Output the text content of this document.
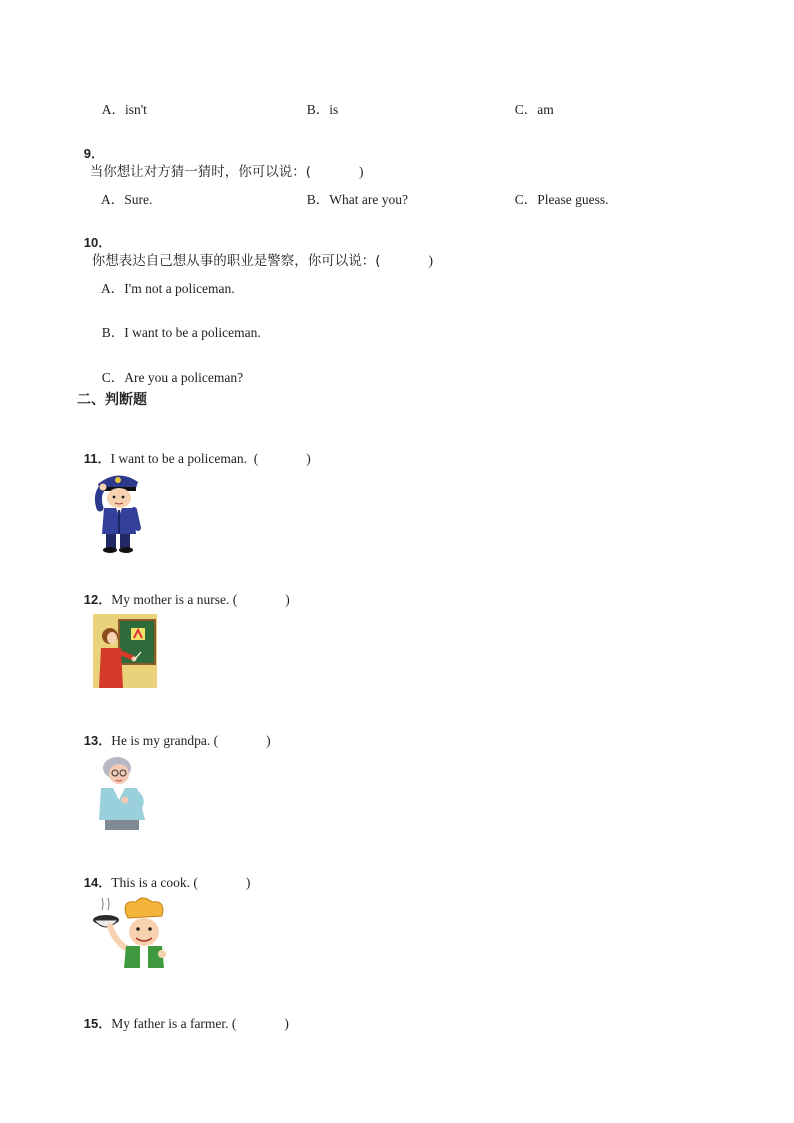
A．isn't	B．is	C．am

9．
当你想让对方猜一猜时，你可以说：(	)

A．Sure.	B．What are you?	C．Please guess.

10．
你想表达自己想从事的职业是警察，你可以说：(	)

A．I'm not a policeman.

B．I want to be a policeman.

C．Are you a policeman?

二、判断题

11．I want to be a policeman.  (	)

12．My mother is a nurse. (	)

13．He is my grandpa. (	)

14．This is a cook. (	)

15．My father is a farmer. (	)
